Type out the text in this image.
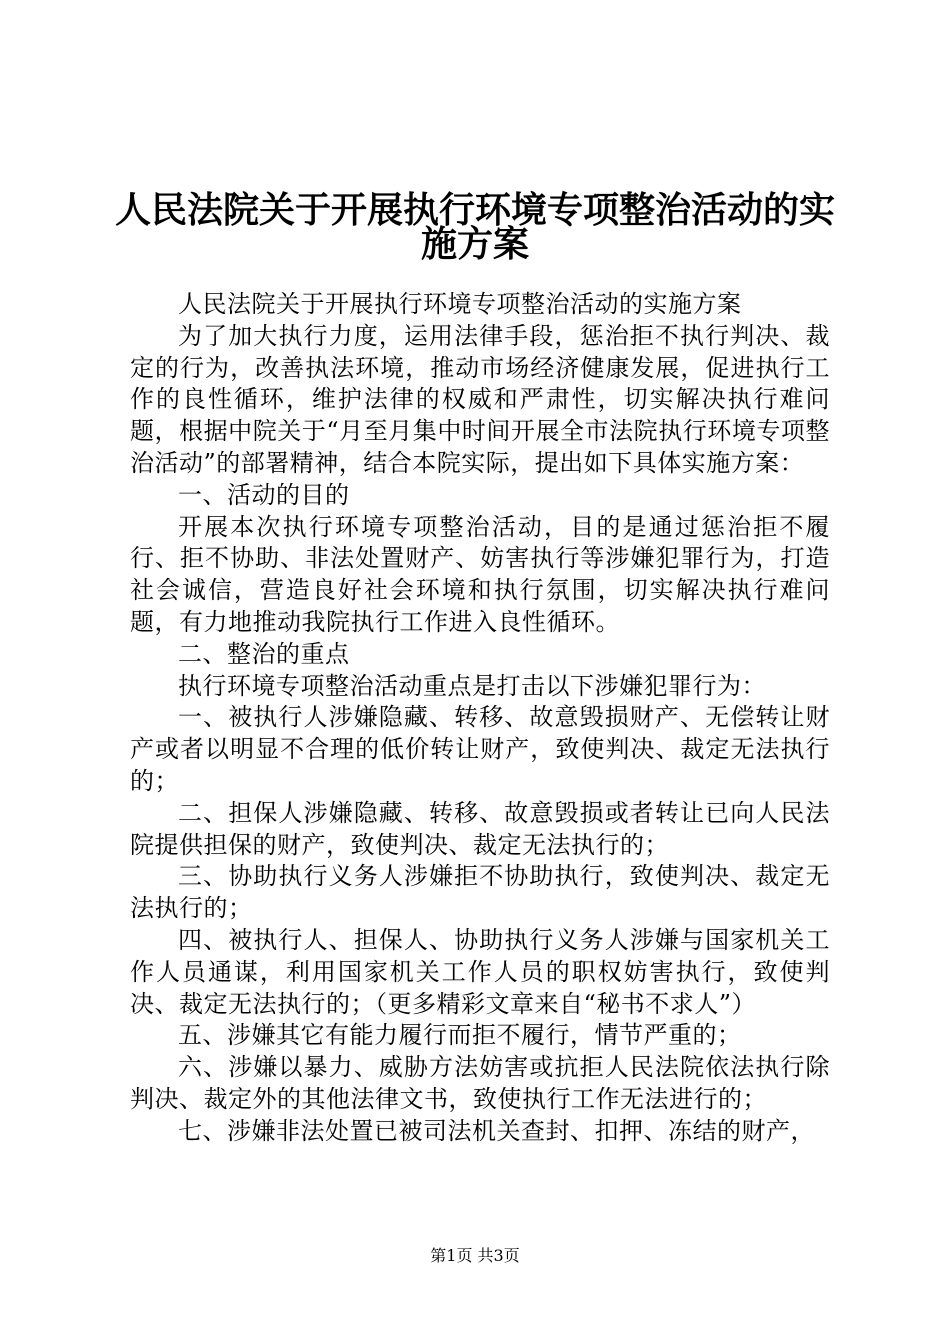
人民法院关于开展执行环境专项整治活动的实
施方案

人民法院关于开展执行环境专项整治活动的实施方案

为了加大执行力度，运用法律手段，惩治拒不执行判决、裁定的行为，改善执法环境，推动市场经济健康发展，促进执行工作的良性循环，维护法律的权威和严肃性，切实解决执行难问题，根据中院关于“月至月集中时间开展全市法院执行环境专项整治活动”的部署精神，结合本院实际，提出如下具体实施方案：

一、活动的目的

开展本次执行环境专项整治活动，目的是通过惩治拒不履行、拒不协助、非法处置财产、妨害执行等涉嫌犯罪行为，打造社会诚信，营造良好社会环境和执行氛围，切实解决执行难问题，有力地推动我院执行工作进入良性循环。

二、整治的重点

执行环境专项整治活动重点是打击以下涉嫌犯罪行为：

一、被执行人涉嫌隐藏、转移、故意毁损财产、无偿转让财产或者以明显不合理的低价转让财产，致使判决、裁定无法执行的；

二、担保人涉嫌隐藏、转移、故意毁损或者转让已向人民法院提供担保的财产，致使判决、裁定无法执行的；

三、协助执行义务人涉嫌拒不协助执行，致使判决、裁定无法执行的；

四、被执行人、担保人、协助执行义务人涉嫌与国家机关工作人员通谋，利用国家机关工作人员的职权妨害执行，致使判决、裁定无法执行的；（更多精彩文章来自“秘书不求人”）

五、涉嫌其它有能力履行而拒不履行，情节严重的；

六、涉嫌以暴力、威胁方法妨害或抗拒人民法院依法执行除判决、裁定外的其他法律文书，致使执行工作无法进行的；

七、涉嫌非法处置已被司法机关查封、扣押、冻结的财产，

第1页 共3页
